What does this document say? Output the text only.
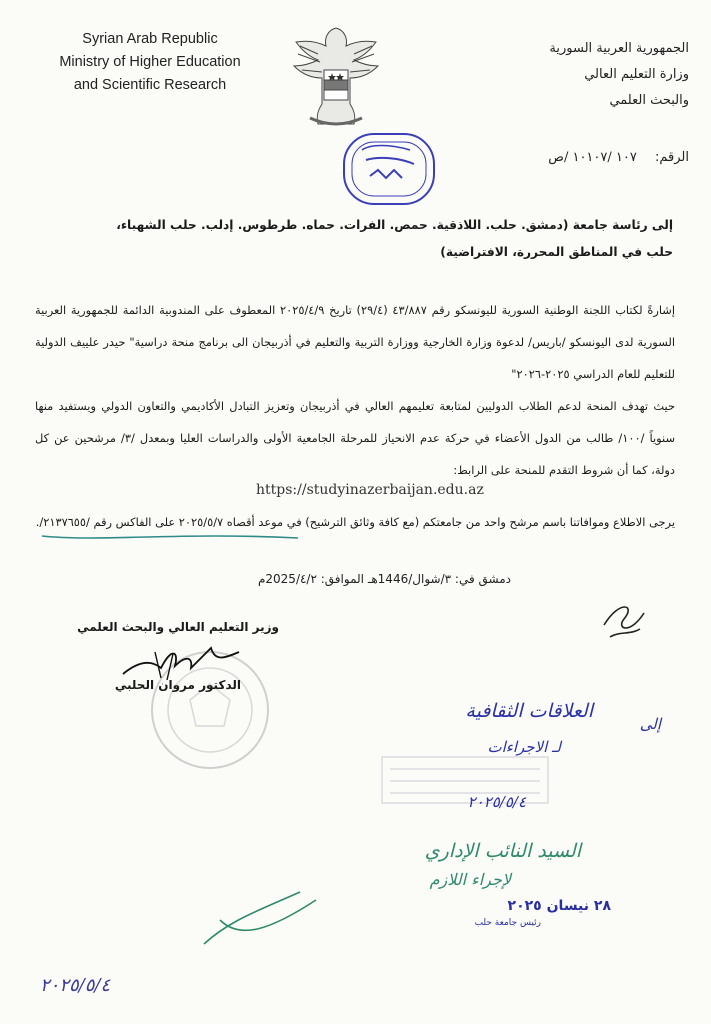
Syrian Arab Republic
Ministry of Higher Education
and Scientific Research
الجمهورية العربية السورية
وزارة التعليم العالي
والبحث العلمي
الرقم: ١٠٧ /١٠١٠٧ /ص
إلى رئاسة جامعة (دمشق. حلب. اللاذقية. حمص. الفرات. حماه. طرطوس. إدلب. حلب الشهباء،
حلب في المناطق المحررة، الافتراضية)

إشارةً لكتاب اللجنة الوطنية السورية لليونسكو رقم ٤٣/٨٨٧ (٢٩/٤) تاريخ ٢٠٢٥/٤/٩ المعطوف على المندوبية الدائمة للجمهورية العربية السورية لدى اليونسكو /باريس/ لدعوة وزارة الخارجية ووزارة التربية والتعليم في أذربيجان الى برنامج منحة دراسية" حيدر علييف الدولية للتعليم للعام الدراسي ٢٠٢٥-٢٠٢٦"

حيث تهدف المنحة لدعم الطلاب الدوليين لمتابعة تعليمهم العالي في أذربيجان وتعزيز التبادل الأكاديمي والتعاون الدولي ويستفيد منها سنوياً /١٠٠/ طالب من الدول الأعضاء في حركة عدم الانحياز للمرحلة الجامعية الأولى والدراسات العليا وبمعدل /٣/ مرشحين عن كل دولة، كما أن شروط التقدم للمنحة على الرابط:

https://studyinazerbaijan.edu.az

يرجى الاطلاع وموافاتنا باسم مرشح واحد من جامعتكم (مع كافة وثائق الترشيح) في موعد أقصاه ٢٠٢٥/٥/٧ على الفاكس رقم /٢١٣٧٦٥٥/.

دمشق في: ٣/شوال/1446هـ الموافق: 2025/٤/٢م
وزير التعليم العالي والبحث العلمي
الدكتور مروان الحلبي
العلاقات الثقافية
إلى
لـ الاجراءات
٢٠٢٥/٥/٤
السيد النائب الإداري
لإجراء اللازم
٢٨ نيسان ٢٠٢٥
رئيس جامعة حلب
٢٠٢٥/٥/٤
